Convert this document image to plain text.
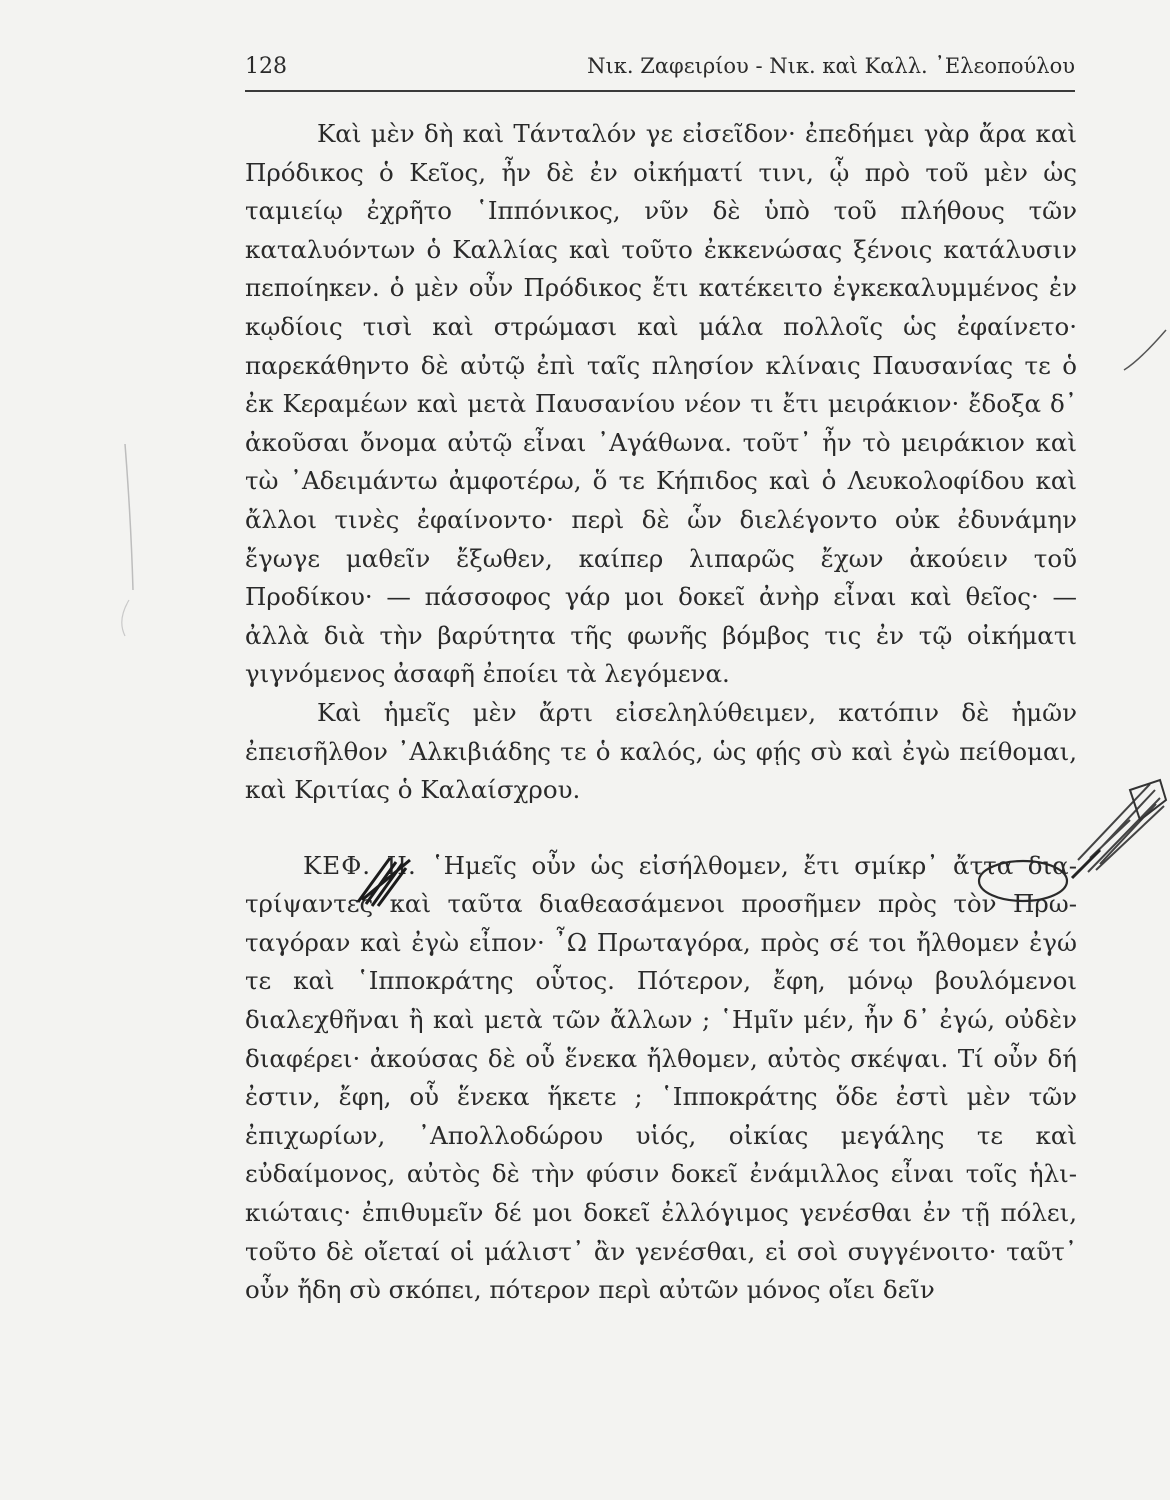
128	Νικ. Ζαφειρίου - Νικ. καὶ Καλλ. ᾿Ελεοπούλου

Καὶ μὲν δὴ καὶ Τάνταλόν γε εἰσεῖδον· ἐπεδήμει γὰρ ἄρα καὶ Πρόδικος ὁ Κεῖος, ἦν δὲ ἐν οἰκήματί τινι, ᾧ πρὸ τοῦ μὲν ὡς ταμιείῳ ἐχρῆτο ῾Ιππόνικος, νῦν δὲ ὑπὸ τοῦ πλήθους τῶν καταλυόντων ὁ Καλλίας καὶ τοῦτο ἐκκενώσας ξένοις κατάλυσιν πεποίηκεν. ὁ μὲν οὖν Πρόδικος ἔτι κατέκειτο ἐγκεκαλυμμένος ἐν κῳδίοις τισὶ καὶ στρώμασι καὶ μάλα πολλοῖς ὡς ἐφαίνετο· παρεκάθηντο δὲ αὐτῷ ἐπὶ ταῖς πλησίον κλίναις Παυσανίας τε ὁ ἐκ Κεραμέων καὶ μετὰ Παυσανίου νέον τι ἔτι μειράκιον· ἔδοξα δ᾿ ἀκοῦσαι ὄνομα αὐτῷ εἶναι ᾿Αγάθωνα. τοῦτ᾿ ἦν τὸ μειράκιον καὶ τὼ ᾿Αδειμάντω ἀμφοτέρω, ὅ τε Κήπιδος καὶ ὁ Λευκολοφίδου καὶ ἄλλοι τινὲς ἐφαίνοντο· περὶ δὲ ὧν διελέγοντο οὐκ ἐδυνάμην ἔγωγε μαθεῖν ἔξωθεν, καίπερ λιπαρῶς ἔχων ἀκούειν τοῦ Προδίκου· — πάσσοφος γάρ μοι δοκεῖ ἀνὴρ εἶναι καὶ θεῖος· — ἀλλὰ διὰ τὴν βαρύτητα τῆς φωνῆς βόμβος τις ἐν τῷ οἰκήματι γιγνόμενος ἀσαφῆ ἐποίει τὰ λεγόμενα.

Καὶ ἡμεῖς μὲν ἄρτι εἰσεληλύθειμεν, κατόπιν δὲ ἡμῶν ἐπεισῆλθον ᾿Αλκιβιάδης τε ὁ καλός, ὡς φῄς σὺ καὶ ἐγὼ πείθομαι, καὶ Κριτίας ὁ Καλαίσχρου.

ΚΕΦ. II. ῾Ημεῖς οὖν ὡς εἰσήλθομεν, ἔτι σμίκρ᾿ ἄττα διατρίψαντες καὶ ταῦτα διαθεασάμενοι προσῆμεν πρὸς τὸν Πρωταγόραν καὶ ἐγὼ εἶπον· ῏Ω Πρωταγόρα, πρὸς σέ τοι ἤλθομεν ἐγώ τε καὶ ῾Ιπποκράτης οὗτος. Πότερον, ἔφη, μόνῳ βουλόμενοι διαλεχθῆναι ἢ καὶ μετὰ τῶν ἄλλων ; ῾Ημῖν μέν, ἦν δ᾿ ἐγώ, οὐδὲν διαφέρει· ἀκούσας δὲ οὗ ἕνεκα ἤλθομεν, αὐτὸς σκέψαι. Τί οὖν δή ἐστιν, ἔφη, οὗ ἕνεκα ἥκετε ; ῾Ιπποκράτης ὅδε ἐστὶ μὲν τῶν ἐπιχωρίων, ᾿Απολλοδώρου υἱός, οἰκίας μεγάλης τε καὶ εὐδαίμονος, αὐτὸς δὲ τὴν φύσιν δοκεῖ ἐνάμιλλος εἶναι τοῖς ἡλικιώταις· ἐπιθυμεῖν δέ μοι δοκεῖ ἐλλόγιμος γενέσθαι ἐν τῇ πόλει, τοῦτο δὲ οἴεταί οἱ μάλιστ᾿ ἂν γενέσθαι, εἰ σοὶ συγγένοιτο· ταῦτ᾿ οὖν ἤδη σὺ σκόπει, πότερον περὶ αὐτῶν μόνος οἴει δεῖν
